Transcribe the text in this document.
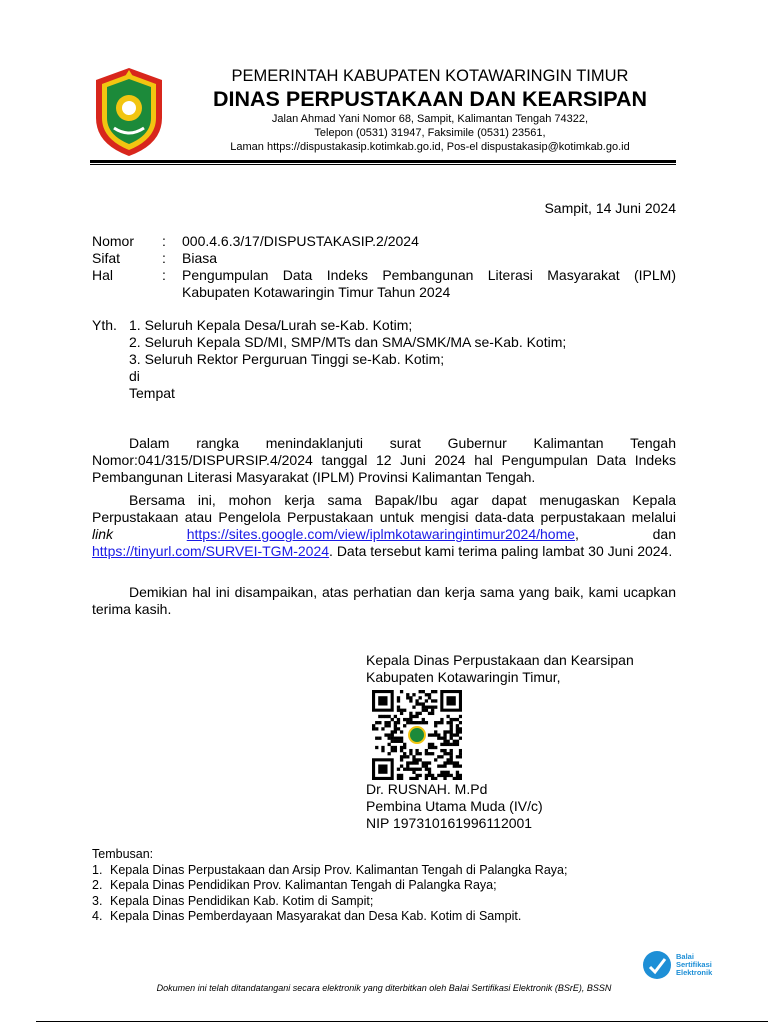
PEMERINTAH KABUPATEN KOTAWARINGIN TIMUR
DINAS PERPUSTAKAAN DAN KEARSIPAN
Jalan Ahmad Yani Nomor 68, Sampit, Kalimantan Tengah 74322,
Telepon (0531) 31947, Faksimile (0531) 23561,
Laman https://dispustakasip.kotimkab.go.id, Pos-el dispustakasip@kotimkab.go.id
Sampit, 14 Juni 2024
Nomor : 000.4.6.3/17/DISPUSTAKASIP.2/2024
Sifat	: Biasa
Hal	: Pengumpulan Data Indeks Pembangunan Literasi Masyarakat (IPLM) Kabupaten Kotawaringin Timur Tahun 2024
Yth. 1. Seluruh Kepala Desa/Lurah se-Kab. Kotim;
2. Seluruh Kepala SD/MI, SMP/MTs dan SMA/SMK/MA se-Kab. Kotim;
3. Seluruh Rektor Perguruan Tinggi se-Kab. Kotim;
di
Tempat
Dalam rangka menindaklanjuti surat Gubernur Kalimantan Tengah Nomor:041/315/DISPURSIP.4/2024 tanggal 12 Juni 2024 hal Pengumpulan Data Indeks Pembangunan Literasi Masyarakat (IPLM) Provinsi Kalimantan Tengah.
Bersama ini, mohon kerja sama Bapak/Ibu agar dapat menugaskan Kepala Perpustakaan atau Pengelola Perpustakaan untuk mengisi data-data perpustakaan melalui link	https://sites.google.com/view/iplmkotawaringintimur2024/home, dan https://tinyurl.com/SURVEI-TGM-2024. Data tersebut kami terima paling lambat 30 Juni 2024.
Demikian hal ini disampaikan, atas perhatian dan kerja sama yang baik, kami ucapkan terima kasih.
Kepala Dinas Perpustakaan dan Kearsipan
Kabupaten Kotawaringin Timur,
Dr. RUSNAH. M.Pd
Pembina Utama Muda (IV/c)
NIP 197310161996112001
Tembusan:
1. Kepala Dinas Perpustakaan dan Arsip Prov. Kalimantan Tengah di Palangka Raya;
2. Kepala Dinas Pendidikan Prov. Kalimantan Tengah di Palangka Raya;
3. Kepala Dinas Pendidikan Kab. Kotim di Sampit;
4. Kepala Dinas Pemberdayaan Masyarakat dan Desa Kab. Kotim di Sampit.
Balai
Sertifikasi
Elektronik
Dokumen ini telah ditandatangani secara elektronik yang diterbitkan oleh Balai Sertifikasi Elektronik (BSrE), BSSN
